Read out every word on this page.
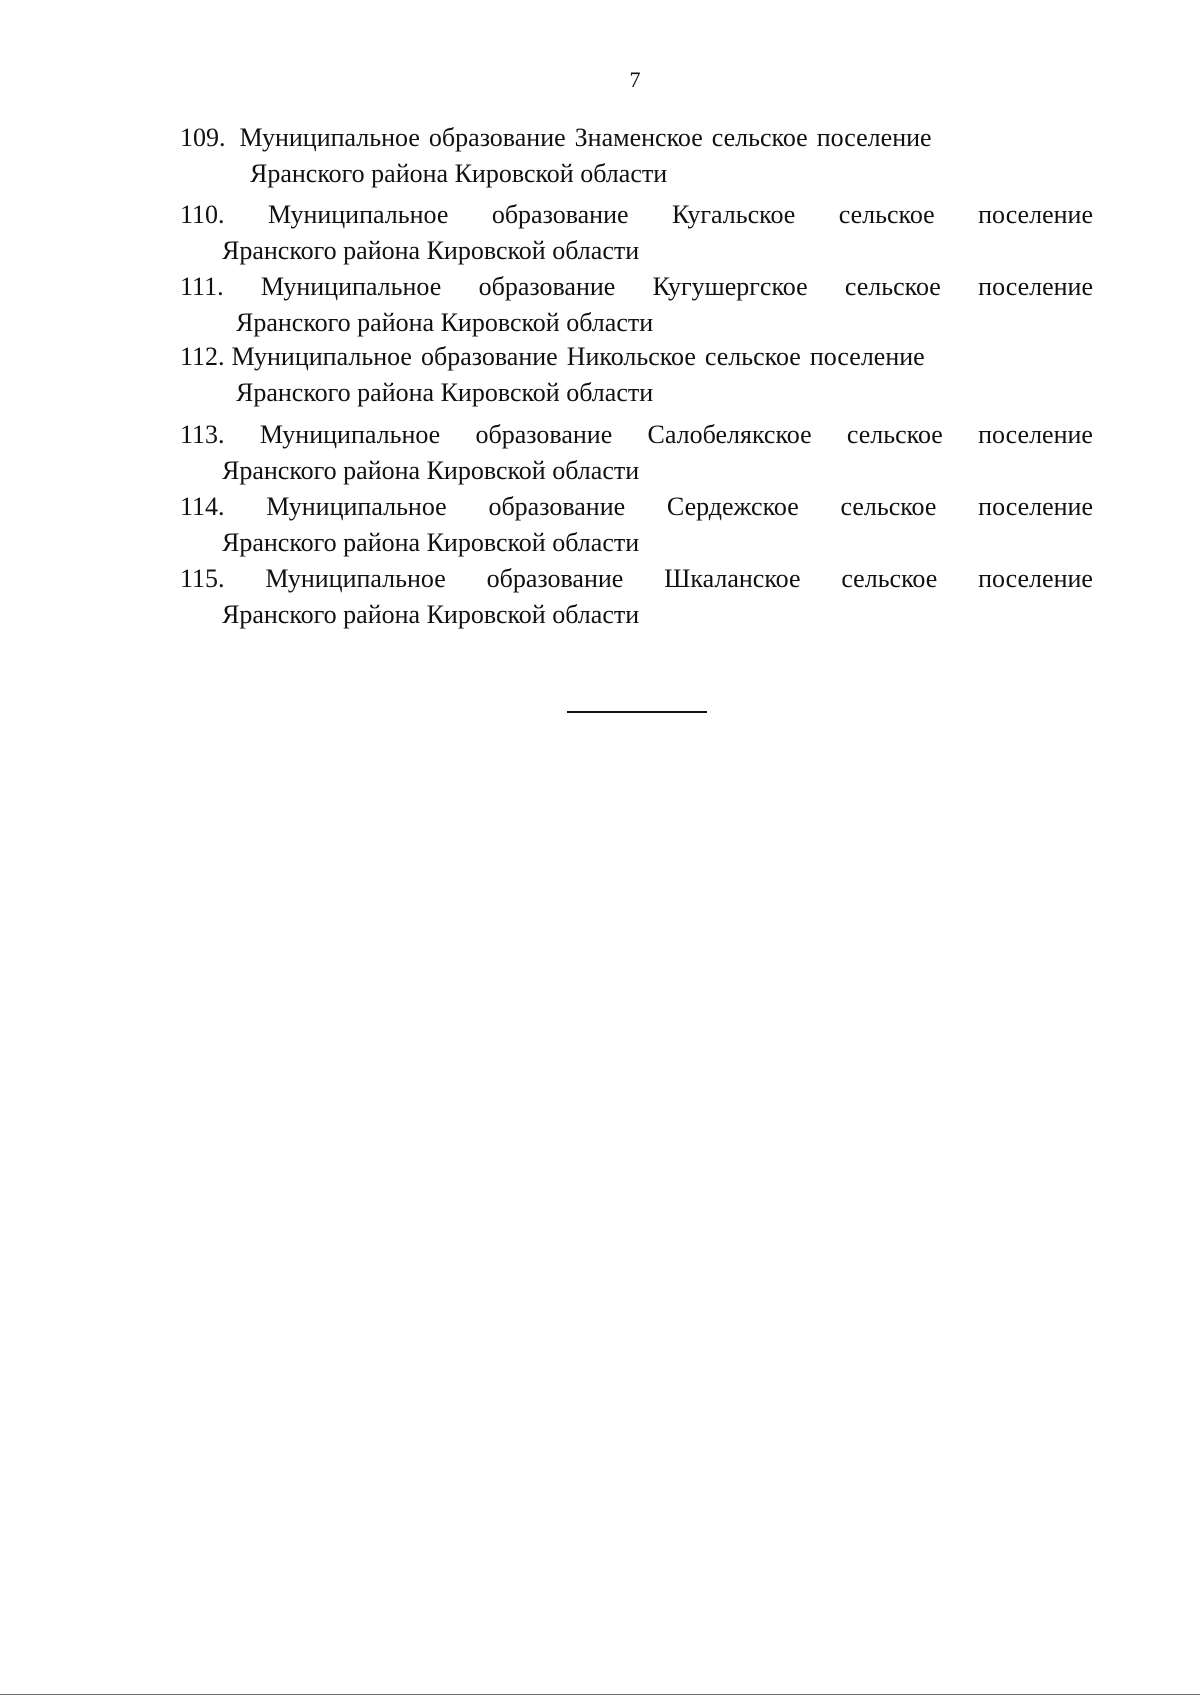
7
109. Муниципальное образование Знаменское сельское поселение
Яранского района Кировской области
110. Муниципальное образование Кугальское сельское поселение
Яранского района Кировской области
111. Муниципальное образование Кугушергское сельское поселение
Яранского района Кировской области
112. Муниципальное образование Никольское сельское поселение
Яранского района Кировской области
113. Муниципальное образование Салобелякское сельское поселение
Яранского района Кировской области
114. Муниципальное образование Сердежское сельское поселение
Яранского района Кировской области
115. Муниципальное образование Шкаланское сельское поселение
Яранского района Кировской области
